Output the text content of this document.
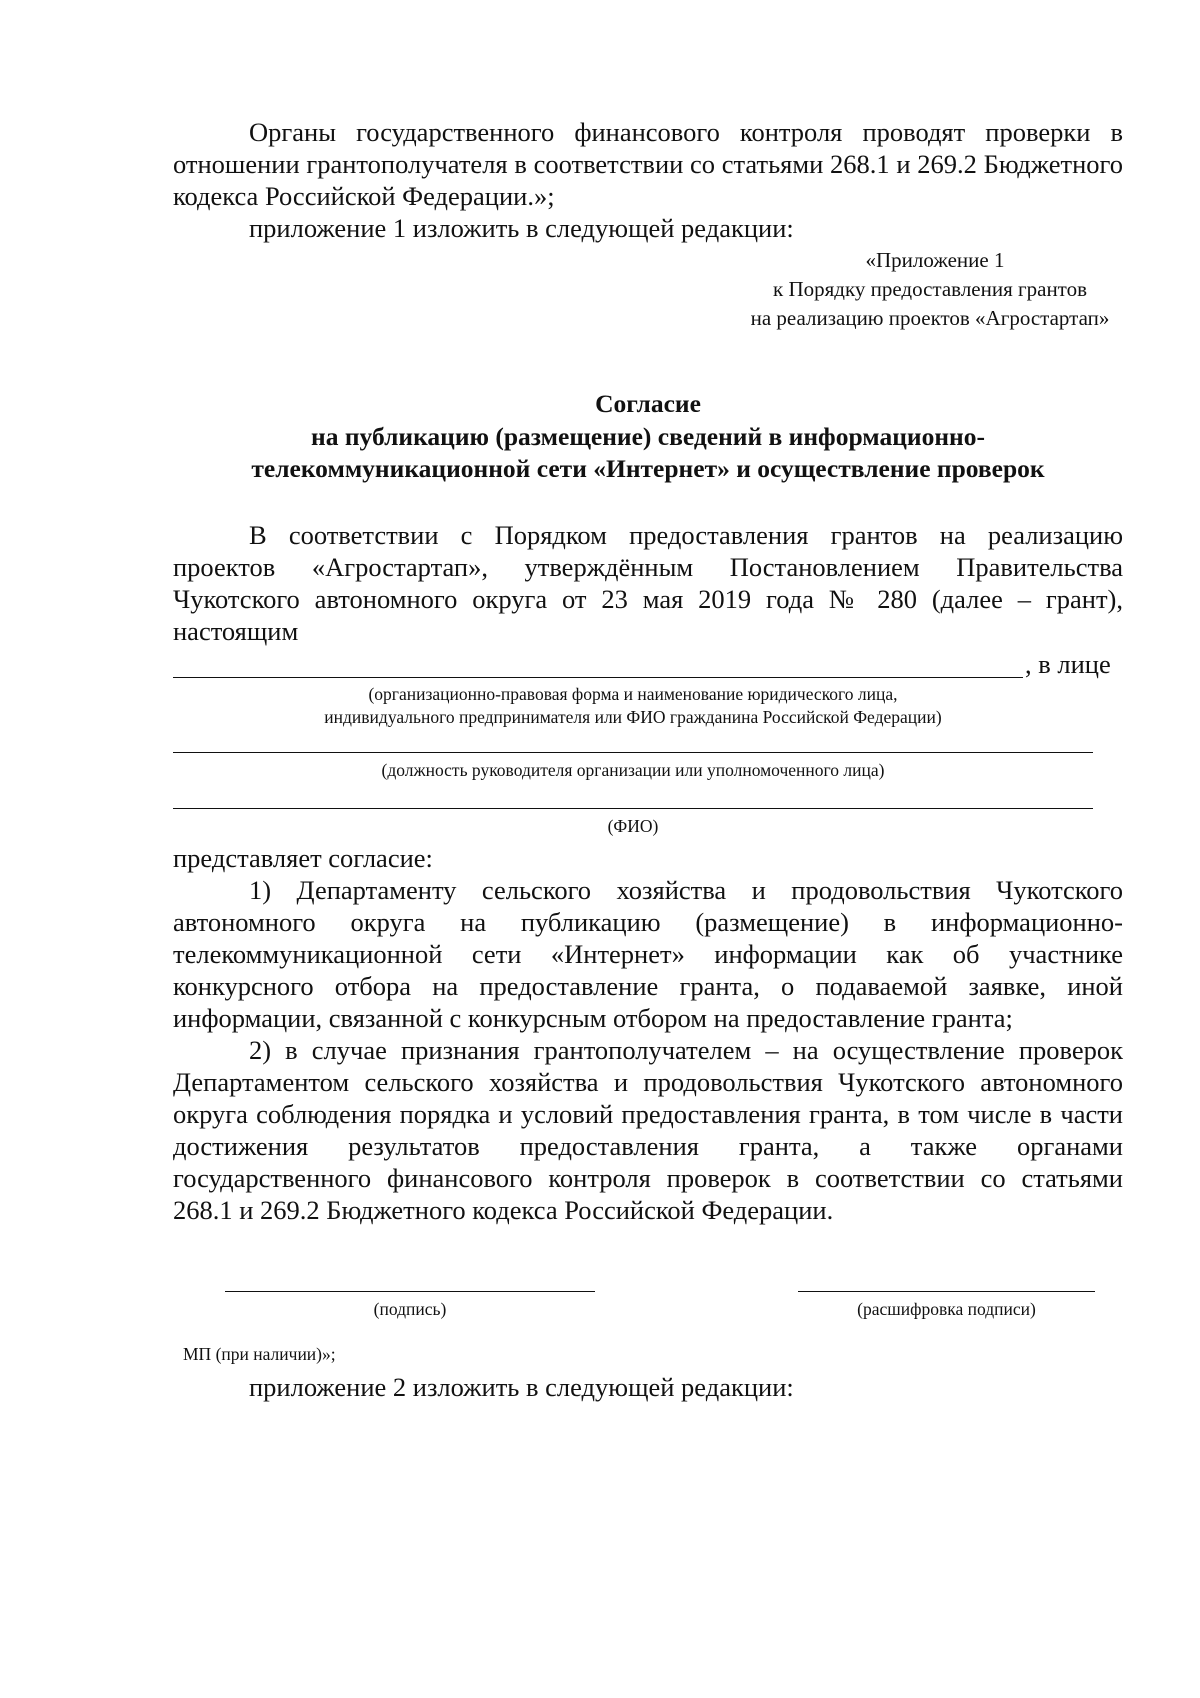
Органы государственного финансового контроля проводят проверки в отношении грантополучателя в соответствии со статьями 268.1 и 269.2 Бюджетного кодекса Российской Федерации.»;

приложение 1 изложить в следующей редакции:

«Приложение 1
к Порядку предоставления грантов
на реализацию проектов «Агростартап»
Согласие
на публикацию (размещение) сведений в информационно-
телекоммуникационной сети «Интернет» и осуществление проверок

В соответствии с Порядком предоставления грантов на реализацию проектов «Агростартап», утверждённым Постановлением Правительства Чукотского автономного округа от 23 мая 2019 года № 280 (далее – грант), настоящим

, в лице
(организационно-правовая форма и наименование юридического лица,
индивидуального предпринимателя или ФИО гражданина Российской Федерации)
(должность руководителя организации или уполномоченного лица)
(ФИО)

представляет согласие:

1) Департаменту сельского хозяйства и продовольствия Чукотского автономного округа на публикацию (размещение) в информационно-телекоммуникационной сети «Интернет» информации как об участнике конкурсного отбора на предоставление гранта, о подаваемой заявке, иной информации, связанной с конкурсным отбором на предоставление гранта;

2) в случае признания грантополучателем – на осуществление проверок Департаментом сельского хозяйства и продовольствия Чукотского автономного округа соблюдения порядка и условий предоставления гранта, в том числе в части достижения результатов предоставления гранта, а также органами государственного финансового контроля проверок в соответствии со статьями 268.1 и 269.2 Бюджетного кодекса Российской Федерации.

(подпись)	(расшифровка подписи)
МП (при наличии)»;

приложение 2 изложить в следующей редакции:
